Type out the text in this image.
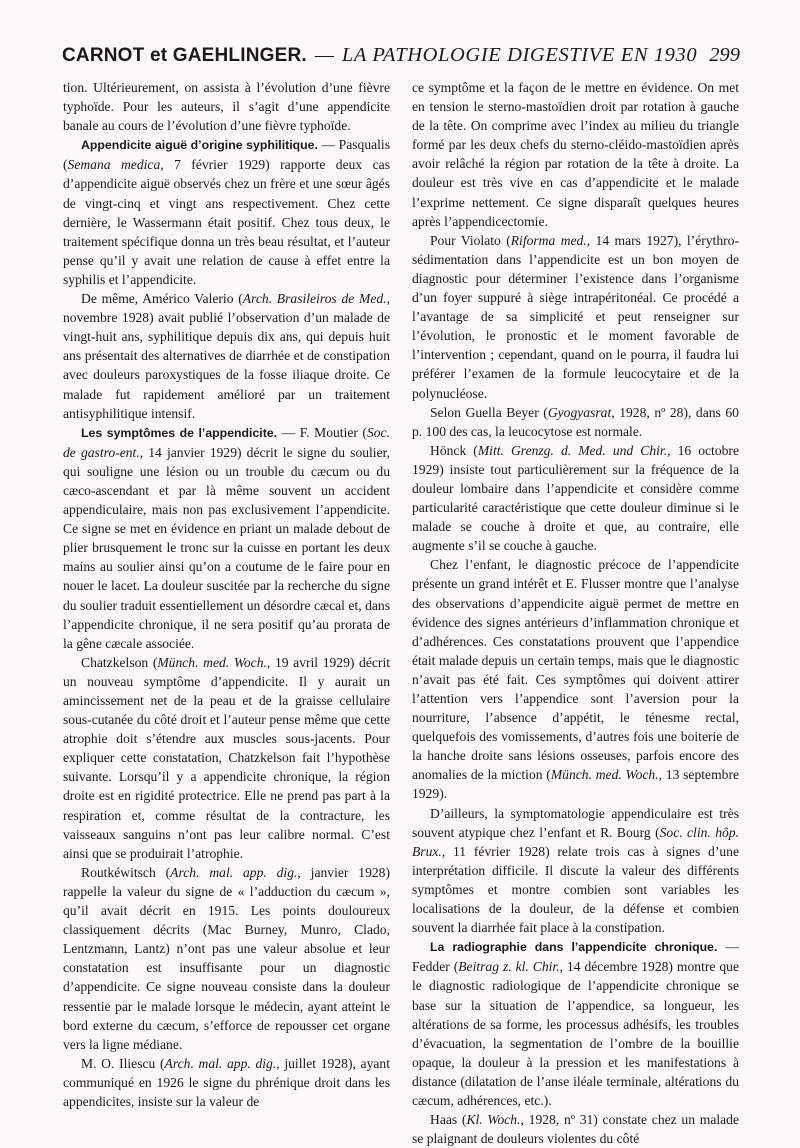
CARNOT et GAEHLINGER. — LA PATHOLOGIE DIGESTIVE EN 1930 299

tion. Ultérieurement, on assista à l’évolution d’une fièvre typhoïde. Pour les auteurs, il s’agit d’une appendicite banale au cours de l’évolution d’une fièvre typhoïde.

Appendicite aiguë d’origine syphilitique. — Pasqualis (Semana medica, 7 février 1929) rapporte deux cas d’appendicite aiguë observés chez un frère et une sœur âgés de vingt-cinq et vingt ans respectivement. Chez cette dernière, le Wassermann était positif. Chez tous deux, le traitement spécifique donna un très beau résultat, et l’auteur pense qu’il y avait une relation de cause à effet entre la syphilis et l’appendicite.

De même, Américo Valerio (Arch. Brasileiros de Med., novembre 1928) avait publié l’observation d’un malade de vingt-huit ans, syphilitique depuis dix ans, qui depuis huit ans présentait des alternatives de diarrhée et de constipation avec douleurs paroxystiques de la fosse iliaque droite. Ce malade fut rapidement amélioré par un traitement antisyphilitique intensif.

Les symptômes de l’appendicite. — F. Moutier (Soc. de gastro-ent., 14 janvier 1929) décrit le signe du soulier, qui souligne une lésion ou un trouble du cæcum ou du cæco-ascendant et par là même souvent un accident appendiculaire, mais non pas exclusivement l’appendicite. Ce signe se met en évidence en priant un malade debout de plier brusquement le tronc sur la cuisse en portant les deux mains au soulier ainsi qu’on a coutume de le faire pour en nouer le lacet. La douleur suscitée par la recherche du signe du soulier traduit essentiellement un désordre cæcal et, dans l’appendicite chronique, il ne sera positif qu’au prorata de la gêne cæcale associée.

Chatzkelson (Münch. med. Woch., 19 avril 1929) décrit un nouveau symptôme d’appendicite. Il y aurait un amincissement net de la peau et de la graisse cellulaire sous-cutanée du côté droit et l’auteur pense même que cette atrophie doit s’étendre aux muscles sous-jacents. Pour expliquer cette constatation, Chatzkelson fait l’hypothèse suivante. Lorsqu’il y a appendicite chronique, la région droite est en rigidité protectrice. Elle ne prend pas part à la respiration et, comme résultat de la contracture, les vaisseaux sanguins n’ont pas leur calibre normal. C’est ainsi que se produirait l’atrophie.

Routkéwitsch (Arch. mal. app. dig., janvier 1928) rappelle la valeur du signe de « l’adduction du cæcum », qu’il avait décrit en 1915. Les points douloureux classiquement décrits (Mac Burney, Munro, Clado, Lentzmann, Lantz) n’ont pas une valeur absolue et leur constatation est insuffisante pour un diagnostic d’appendicite. Ce signe nouveau consiste dans la douleur ressentie par le malade lorsque le médecin, ayant atteint le bord externe du cæcum, s’efforce de repousser cet organe vers la ligne médiane.

M. O. Iliescu (Arch. mal. app. dig., juillet 1928), ayant communiqué en 1926 le signe du phrénique droit dans les appendicites, insiste sur la valeur de

ce symptôme et la façon de le mettre en évidence. On met en tension le sterno-mastoïdien droit par rotation à gauche de la tête. On comprime avec l’index au milieu du triangle formé par les deux chefs du sterno-cléido-mastoïdien après avoir relâché la région par rotation de la tête à droite. La douleur est très vive en cas d’appendicite et le malade l’exprime nettement. Ce signe disparaît quelques heures après l’appendicectomie.

Pour Violato (Riforma med., 14 mars 1927), l’érythro-sédimentation dans l’appendicite est un bon moyen de diagnostic pour déterminer l’existence dans l’organisme d’un foyer suppuré à siège intrapéritonéal. Ce procédé a l’avantage de sa simplicité et peut renseigner sur l’évolution, le pronostic et le moment favorable de l’intervention ; cependant, quand on le pourra, il faudra lui préférer l’examen de la formule leucocytaire et de la polynucléose.

Selon Guella Beyer (Gyogyasrat, 1928, nº 28), dans 60 p. 100 des cas, la leucocytose est normale.

Hönck (Mitt. Grenzg. d. Med. und Chir., 16 octobre 1929) insiste tout particulièrement sur la fréquence de la douleur lombaire dans l’appendicite et considère comme particularité caractéristique que cette douleur diminue si le malade se couche à droite et que, au contraire, elle augmente s’il se couche à gauche.

Chez l’enfant, le diagnostic précoce de l’appendicite présente un grand intérêt et E. Flusser montre que l’analyse des observations d’appendicite aiguë permet de mettre en évidence des signes antérieurs d’inflammation chronique et d’adhérences. Ces constatations prouvent que l’appendice était malade depuis un certain temps, mais que le diagnostic n’avait pas été fait. Ces symptômes qui doivent attirer l’attention vers l’appendice sont l’aversion pour la nourriture, l’absence d’appétit, le ténesme rectal, quelquefois des vomissements, d’autres fois une boiterie de la hanche droite sans lésions osseuses, parfois encore des anomalies de la miction (Münch. med. Woch., 13 septembre 1929).

D’ailleurs, la symptomatologie appendiculaire est très souvent atypique chez l’enfant et R. Bourg (Soc. clin. hôp. Brux., 11 février 1928) relate trois cas à signes d’une interprétation difficile. Il discute la valeur des différents symptômes et montre combien sont variables les localisations de la douleur, de la défense et combien souvent la diarrhée fait place à la constipation.

La radiographie dans l’appendicite chronique. — Fedder (Beitrag z. kl. Chir., 14 décembre 1928) montre que le diagnostic radiologique de l’appendicite chronique se base sur la situation de l’appendice, sa longueur, les altérations de sa forme, les processus adhésifs, les troubles d’évacuation, la segmentation de l’ombre de la bouillie opaque, la douleur à la pression et les manifestations à distance (dilatation de l’anse iléale terminale, altérations du cæcum, adhérences, etc.).

Haas (Kl. Woch., 1928, nº 31) constate chez un malade se plaignant de douleurs violentes du côté
